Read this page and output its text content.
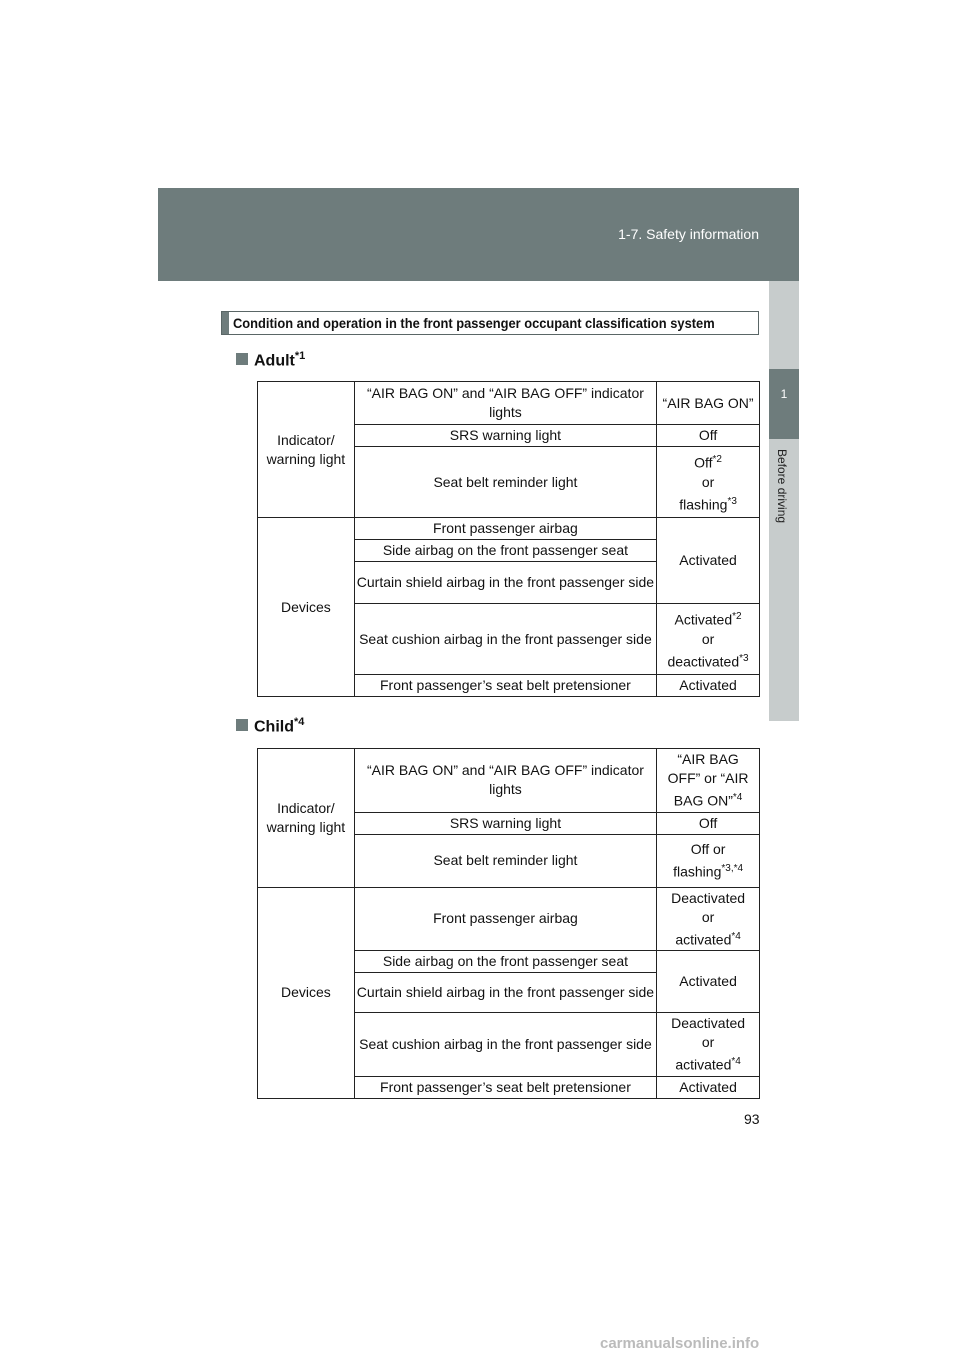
1-7. Safety information
1
Before driving
Condition and operation in the front passenger occupant classification system
Adult$^{*1}$
Indicator/ warning light	“AIR BAG ON” and “AIR BAG OFF” indicator lights	“AIR BAG ON”
	SRS warning light	Off
	Seat belt reminder light	Off$^{*2}$
or
flashing$^{*3}$
Devices	Front passenger airbag	Activated
	Side airbag on the front passenger seat	
	Curtain shield airbag in the front passenger side	
	Seat cushion airbag in the front passenger side	Activated$^{*2}$
or
deactivated$^{*3}$
	Front passenger’s seat belt pretensioner	Activated
Child$^{*4}$
Indicator/ warning light	“AIR BAG ON” and “AIR BAG OFF” indicator lights	“AIR BAG OFF” or “AIR BAG ON”$^{*4}$
	SRS warning light	Off
	Seat belt reminder light	Off or
flashing$^{*3,*4}$
Devices	Front passenger airbag	Deactivated
or
activated$^{*4}$
	Side airbag on the front passenger seat	Activated
	Curtain shield airbag in the front passenger side	
	Seat cushion airbag in the front passenger side	Deactivated
or
activated$^{*4}$
	Front passenger’s seat belt pretensioner	Activated
93
carmanualsonline.info
